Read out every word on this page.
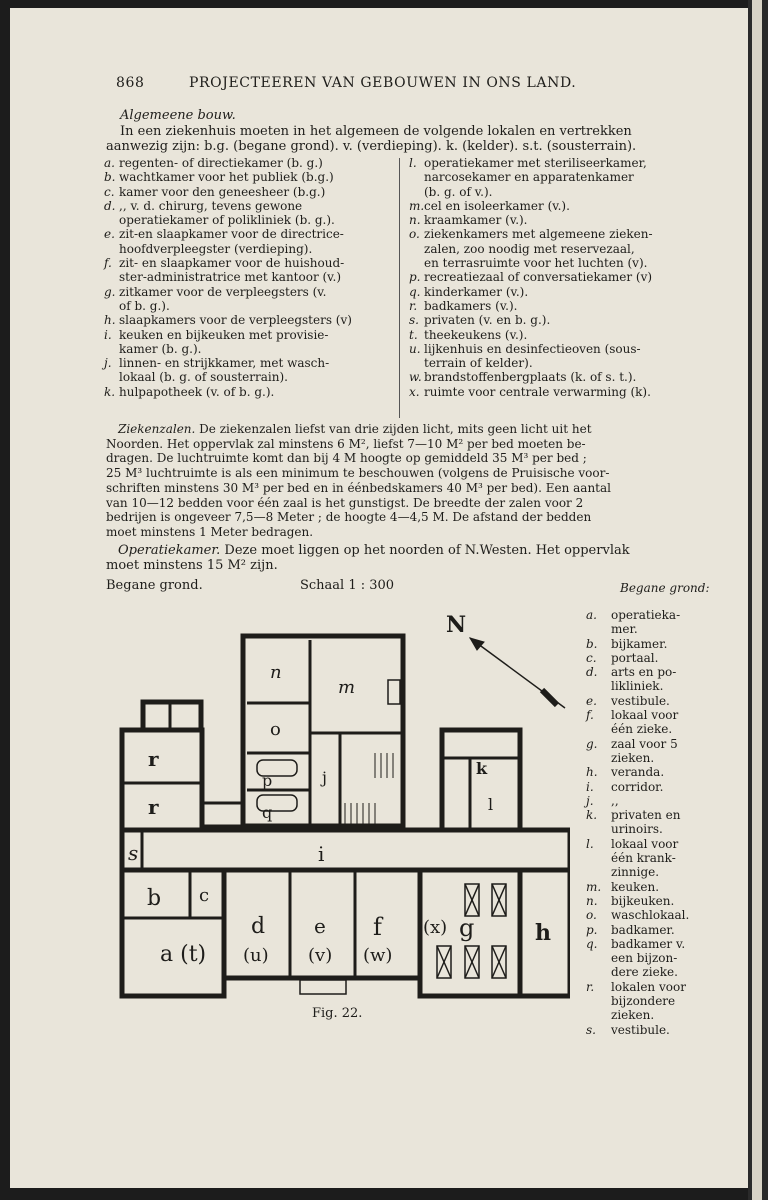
868	PROJECTEEREN VAN GEBOUWEN IN ONS LAND.
Algemeene bouw.
In een ziekenhuis moeten in het algemeen de volgende lokalen en vertrekken
aanwezig zijn: b.g. (begane grond). v. (verdieping). k. (kelder). s.t. (sousterrain).
a. regenten- of directiekamer (b. g.)
b. wachtkamer voor het publiek (b.g.)
c. kamer voor den geneesheer (b.g.)
d. ,, v. d. chirurg, tevens gewone
operatiekamer of polikliniek (b. g.).
e. zit-en slaapkamer voor de directrice-
hoofdverpleegster (verdieping).
f. zit- en slaapkamer voor de huishoud-
ster-administratrice met kantoor (v.)
g. zitkamer voor de verpleegsters (v.
of b. g.).
h. slaapkamers voor de verpleegsters (v)
i. keuken en bijkeuken met provisie-
kamer (b. g.).
j. linnen- en strijkkamer, met wasch-
lokaal (b. g. of sousterrain).
k. hulpapotheek (v. of b. g.).
l. operatiekamer met steriliseerkamer,
narcosekamer en apparatenkamer
(b. g. of v.).
m. cel en isoleerkamer (v.).
n. kraamkamer (v.).
o. ziekenkamers met algemeene zieken-
zalen, zoo noodig met reservezaal,
en terrasruimte voor het luchten (v).
p. recreatiezaal of conversatiekamer (v)
q. kinderkamer (v.).
r. badkamers (v.).
s. privaten (v. en b. g.).
t. theekeukens (v.).
u. lijkenhuis en desinfectieoven (sous-
terrain of kelder).
w. brandstoffenbergplaats (k. of s. t.).
x. ruimte voor centrale verwarming (k).
Ziekenzalen. De ziekenzalen liefst van drie zijden licht, mits geen licht uit het
Noorden. Het oppervlak zal minstens 6 M², liefst 7—10 M² per bed moeten be-
dragen. De luchtruimte komt dan bij 4 M hoogte op gemiddeld 35 M³ per bed ;
25 M³ luchtruimte is als een minimum te beschouwen (volgens de Pruisische voor-
schriften minstens 30 M³ per bed en in éénbedskamers 40 M³ per bed). Een aantal
van 10—12 bedden voor één zaal is het gunstigst. De breedte der zalen voor 2
bedrijen is ongeveer 7,5—8 Meter ; de hoogte 4—4,5 M. De afstand der bedden
moet minstens 1 Meter bedragen.
Operatiekamer. Deze moet liggen op het noorden of N.Westen. Het oppervlak
moet minstens 15 M² zijn.
Begane grond.	Schaal 1 : 300
N
n
m
o
p
q
j
r
r
k
l
s	i
b c
a (t)
d
(u)
e
(v)
f
(w)
(x) g	h
Fig. 22.
Begane grond:
a.	operatieka-
mer.
b.	bijkamer.
c.	portaal.
d.	arts en po-
likliniek.
e.	vestibule.
f.	lokaal voor
één zieke.
g.	zaal voor 5
zieken.
h.	veranda.
i.	corridor.
j.	,,
k.	privaten en
urinoirs.
l.	lokaal voor
één krank-
zinnige.
m. keuken.
n.	bijkeuken.
o.	waschlokaal.
p.	badkamer.
q.	badkamer v.
een bijzon-
dere zieke.
r.	lokalen voor
bijzondere
zieken.
s.	vestibule.
